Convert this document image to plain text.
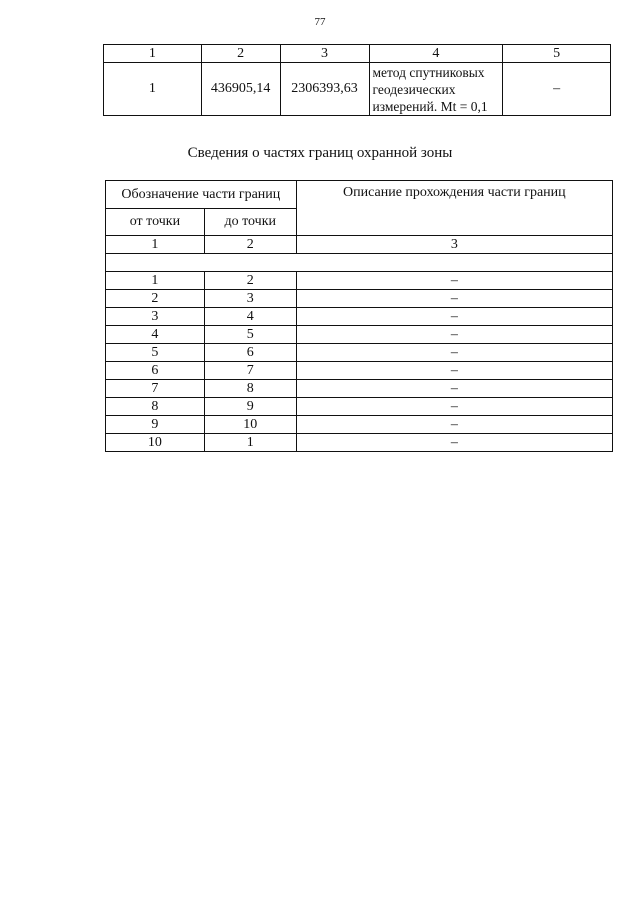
77
1	2	3	4	5
1	436905,14	2306393,63	метод спутниковых
геодезических
измерений. Mt = 0,1	–
Сведения о частях границ охранной зоны
Обозначение части границ		Описание прохождения части границ
от точки	до точки	
1	2	3

1	2	–
2	3	–
3	4	–
4	5	–
5	6	–
6	7	–
7	8	–
8	9	–
9	10	–
10	1	–
